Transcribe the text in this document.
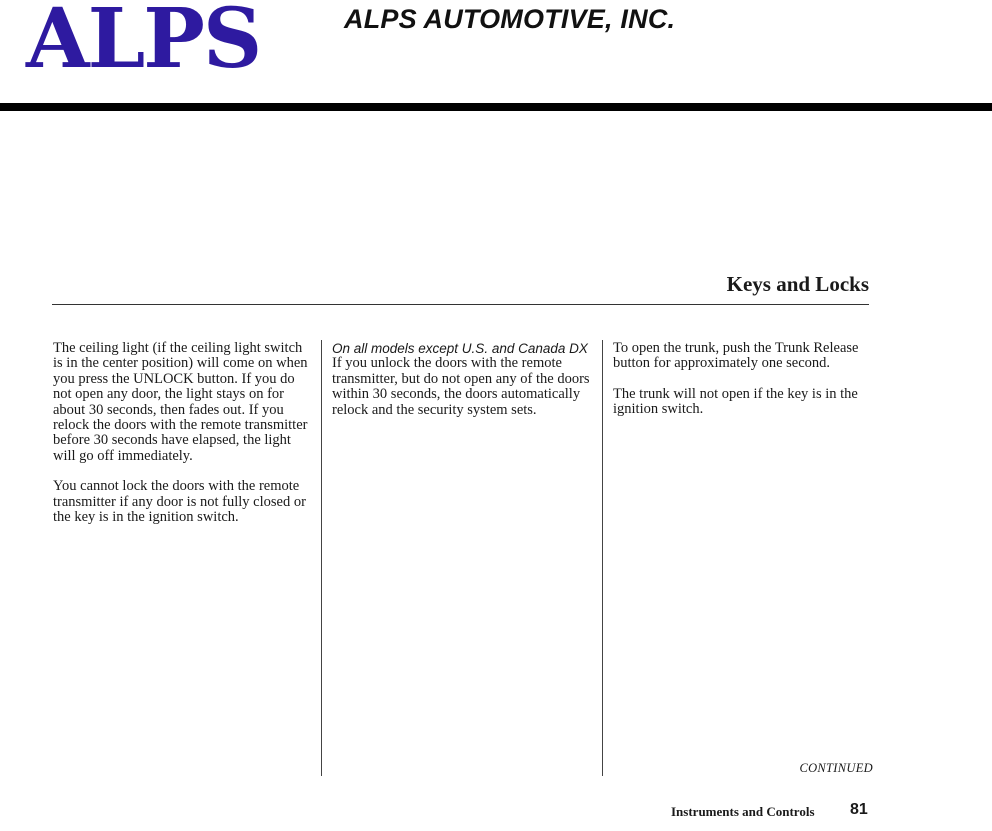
ALPS	ALPS AUTOMOTIVE, INC.
Keys and Locks

The ceiling light (if the ceiling light switch is in the center position) will come on when you press the UNLOCK button. If you do not open any door, the light stays on for about 30 seconds, then fades out. If you relock the doors with the remote transmitter before 30 seconds have elapsed, the light will go off immediately.

You cannot lock the doors with the remote transmitter if any door is not fully closed or the key is in the ignition switch.

On all models except U.S. and Canada DX

If you unlock the doors with the remote transmitter, but do not open any of the doors within 30 seconds, the doors automatically relock and the security system sets.

To open the trunk, push the Trunk Release button for approximately one second.

The trunk will not open if the key is in the ignition switch.

CONTINUED
Instruments and Controls 81
